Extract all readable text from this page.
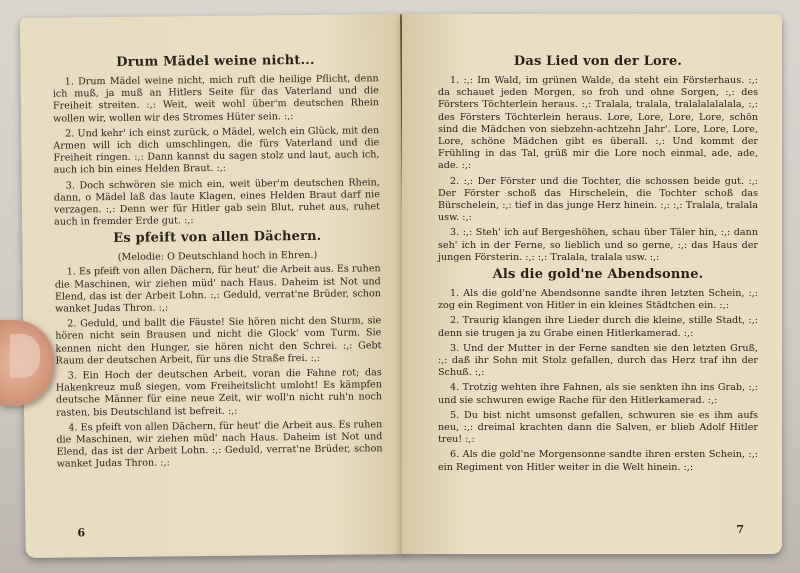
Drum Mädel weine nicht...

1. Drum Mädel weine nicht, mich ruft die heilige Pflicht, denn ich muß, ja muß an Hitlers Seite für das Vaterland und die Freiheit streiten. :,: Weit, weit wohl über'm deutschen Rhein wollen wir, wollen wir des Stromes Hüter sein. :,:

2. Und kehr' ich einst zurück, o Mädel, welch ein Glück, mit den Armen will ich dich umschlingen, die fürs Vaterland und die Freiheit ringen. :,: Dann kannst du sagen stolz und laut, auch ich, auch ich bin eines Helden Braut. :,:

3. Doch schwören sie mich ein, weit über'm deutschen Rhein, dann, o Mädel laß das laute Klagen, eines Helden Braut darf nie verzagen. :,: Denn wer für Hitler gab sein Blut, ruhet aus, ruhet auch in fremder Erde gut. :,:

Es pfeift von allen Dächern.

(Melodie: O Deutschland hoch in Ehren.)

1. Es pfeift von allen Dächern, für heut' die Arbeit aus. Es ruhen die Maschinen, wir ziehen müd' nach Haus. Daheim ist Not und Elend, das ist der Arbeit Lohn. :,: Geduld, verrat'ne Brüder, schon wanket Judas Thron. :,:

2. Geduld, und ballt die Fäuste! Sie hören nicht den Sturm, sie hören nicht sein Brausen und nicht die Glock' vom Turm. Sie kennen nicht den Hunger, sie hören nicht den Schrei. :,: Gebt Raum der deutschen Arbeit, für uns die Straße frei. :,:

3. Ein Hoch der deutschen Arbeit, voran die Fahne rot; das Hakenkreuz muß siegen, vom Freiheitslicht umloht! Es kämpfen deutsche Männer für eine neue Zeit, wir woll'n nicht ruh'n noch rasten, bis Deutschland ist befreit. :,:

4. Es pfeift von allen Dächern, für heut' die Arbeit aus. Es ruhen die Maschinen, wir ziehen müd' nach Haus. Daheim ist Not und Elend, das ist der Arbeit Lohn. :,: Geduld, verrat'ne Brüder, schon wanket Judas Thron. :,:

6
Das Lied von der Lore.

1. :,: Im Wald, im grünen Walde, da steht ein Försterhaus. :,: da schauet jeden Morgen, so froh und ohne Sorgen, :,: des Försters Töchterlein heraus. :,: Tralala, tralala, tralalalalalala, :,: des Försters Töchterlein heraus. Lore, Lore, Lore, Lore, schön sind die Mädchen von siebzehn-achtzehn Jahr'. Lore, Lore, Lore, Lore, schöne Mädchen gibt es überall. :,: Und kommt der Frühling in das Tal, grüß mir die Lore noch einmal, ade, ade, ade. :,:

2. :,: Der Förster und die Tochter, die schossen beide gut. :,: Der Förster schoß das Hirschelein, die Tochter schoß das Bürschelein, :,: tief in das junge Herz hinein. :,: :,: Tralala, tralala usw. :,:

3. :,: Steh' ich auf Bergeshöhen, schau über Täler hin, :,: dann seh' ich in der Ferne, so lieblich und so gerne, :,: das Haus der jungen Försterin. :,: :,: Tralala, tralala usw. :,:

Als die gold'ne Abendsonne.

1. Als die gold'ne Abendsonne sandte ihren letzten Schein, :,: zog ein Regiment von Hitler in ein kleines Städtchen ein. :,:

2. Traurig klangen ihre Lieder durch die kleine, stille Stadt, :,: denn sie trugen ja zu Grabe einen Hitlerkamerad. :,:

3. Und der Mutter in der Ferne sandten sie den letzten Gruß, :,: daß ihr Sohn mit Stolz gefallen, durch das Herz traf ihn der Schuß. :,:

4. Trotzig wehten ihre Fahnen, als sie senkten ihn ins Grab, :,: und sie schwuren ewige Rache für den Hitlerkamerad. :,:

5. Du bist nicht umsonst gefallen, schwuren sie es ihm aufs neu, :,: dreimal krachten dann die Salven, er blieb Adolf Hitler treu! :,:

6. Als die gold'ne Morgensonne sandte ihren ersten Schein, :,: ein Regiment von Hitler weiter in die Welt hinein. :,:

7
